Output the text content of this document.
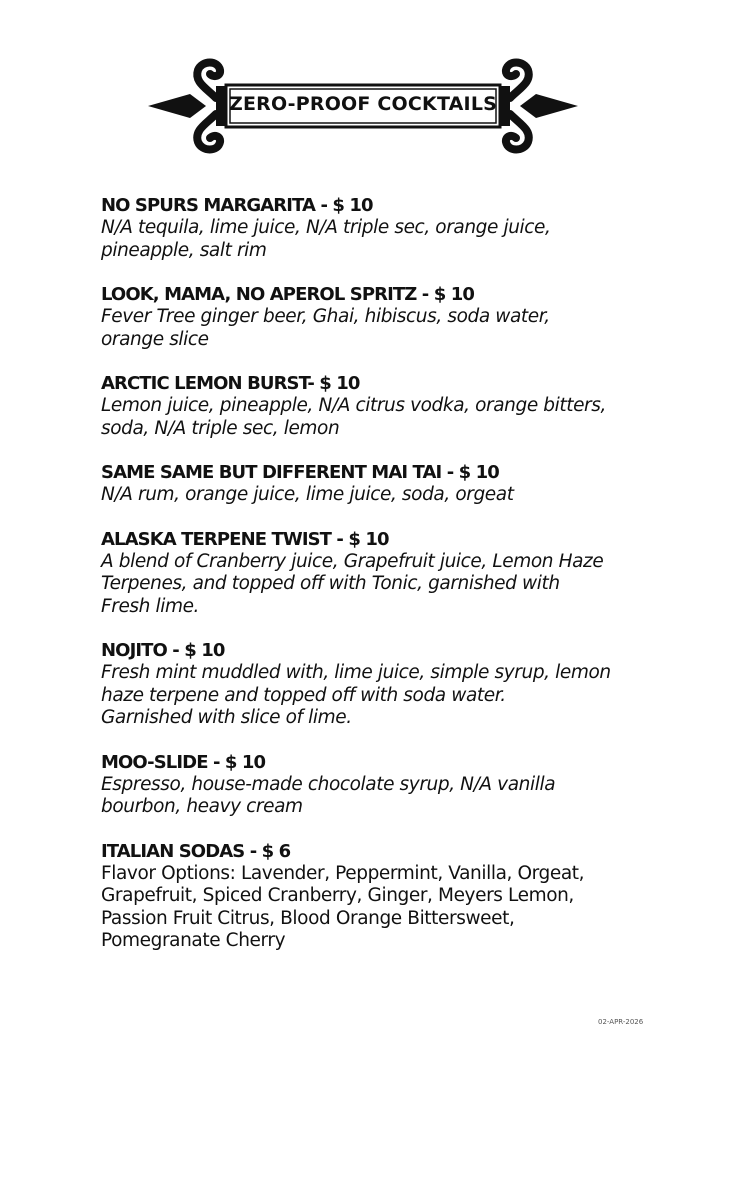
ZERO-PROOF COCKTAILS
NO SPURS MARGARITA - $ 10
N/A tequila, lime juice, N/A triple sec, orange juice,
pineapple, salt rim
LOOK, MAMA, NO APEROL SPRITZ - $ 10
Fever Tree ginger beer, Ghai, hibiscus, soda water,
orange slice
ARCTIC LEMON BURST- $ 10
Lemon juice, pineapple, N/A citrus vodka, orange bitters,
soda, N/A triple sec, lemon
SAME SAME BUT DIFFERENT MAI TAI - $ 10
N/A rum, orange juice, lime juice, soda, orgeat
ALASKA TERPENE TWIST - $ 10
A blend of Cranberry juice, Grapefruit juice, Lemon Haze
Terpenes, and topped off with Tonic, garnished with
Fresh lime.
NOJITO - $ 10
Fresh mint muddled with, lime juice, simple syrup, lemon
haze terpene and topped off with soda water.
Garnished with slice of lime.
MOO-SLIDE - $ 10
Espresso, house-made chocolate syrup, N/A vanilla
bourbon, heavy cream
ITALIAN SODAS - $ 6
Flavor Options: Lavender, Peppermint, Vanilla, Orgeat,
Grapefruit, Spiced Cranberry, Ginger, Meyers Lemon,
Passion Fruit Citrus, Blood Orange Bittersweet,
Pomegranate Cherry
02-APR-2026
